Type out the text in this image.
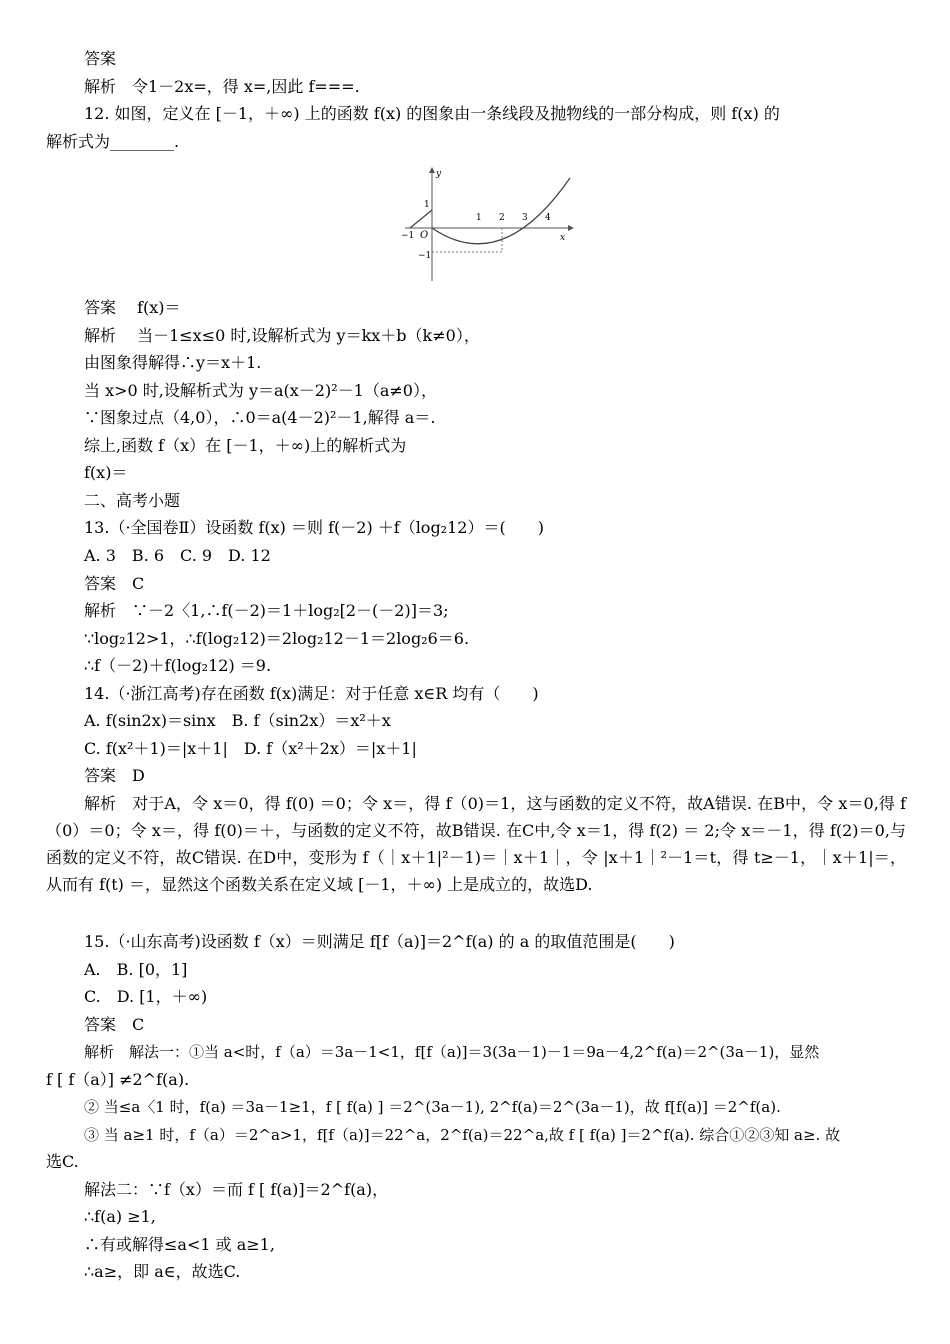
答案
解析　令1－2x=，得 x=,因此 f===.
12. 如图，定义在 [－1，＋∞) 上的函数 f(x) 的图象由一条线段及抛物线的一部分构成，则 f(x) 的
解析式为________.
y
x
O
−1
1 2 3 4
1
−1
答案　 f(x)＝
解析　 当－1≤x≤0 时,设解析式为 y＝kx＋b（k≠0），
由图象得解得∴y＝x＋1.
当 x>0 时,设解析式为 y＝a(x－2)²－1（a≠0），
∵图象过点（4,0），∴0＝a(4－2)²－1,解得 a＝.
综上,函数 f（x）在 [－1，＋∞)上的解析式为
f(x)＝
二、高考小题
13.（·全国卷Ⅱ）设函数 f(x) ＝则 f(－2) ＋f（log₂12）＝(　　)
A. 3　B. 6　C. 9　D. 12
答案　C
解析　∵－2〈1,∴f(－2)＝1＋log₂[2－(－2)]＝3;
∵log₂12>1，∴f(log₂12)＝2log₂12－1＝2log₂6＝6.
∴f（－2)＋f(log₂12) ＝9.
14.（·浙江高考)存在函数 f(x)满足：对于任意 x∈R 均有（　　)
A. f(sin2x)＝sinx　B. f（sin2x）＝x²＋x
C. f(x²＋1)＝|x＋1|　D. f（x²＋2x）＝|x＋1|
答案　D
解析　对于A，令 x＝0，得 f(0) ＝0；令 x＝，得 f（0)＝1，这与函数的定义不符，故A错误. 在B中，令 x＝0,得 f（0）＝0；令 x＝，得 f(0)＝＋，与函数的定义不符，故B错误. 在C中,令 x＝1，得 f(2) ＝ 2;令 x＝－1，得 f(2)＝0,与函数的定义不符，故C错误. 在D中，变形为 f（｜x＋1|²－1)＝｜x＋1｜，令 |x＋1｜²－1＝t，得 t≥－1，｜x＋1|＝，从而有 f(t) ＝，显然这个函数关系在定义域 [－1，＋∞) 上是成立的，故选D.
15.（·山东高考)设函数 f（x）＝则满足 f[f（a)]＝2^f(a) 的 a 的取值范围是(　　)
A.　B. [0，1]
C.　D. [1，＋∞)
答案　C
解析　解法一：①当 a<时，f（a）＝3a－1<1，f[f（a)]＝3(3a－1)－1＝9a－4,2^f(a)＝2^(3a－1)，显然
f [ f（a）] ≠2^f(a).
② 当≤a〈1 时，f(a) ＝3a－1≥1，f [ f(a) ] ＝2^(3a－1), 2^f(a)＝2^(3a－1)，故 f[f(a)] ＝2^f(a).
③ 当 a≥1 时，f（a）＝2^a>1，f[f（a)]＝22^a，2^f(a)＝22^a,故 f [ f(a) ]＝2^f(a). 综合①②③知 a≥. 故
选C.
解法二：∵f（x）＝而 f [ f(a)]＝2^f(a)，
∴f(a) ≥1,
∴有或解得≤a<1 或 a≥1,
∴a≥，即 a∈，故选C.
